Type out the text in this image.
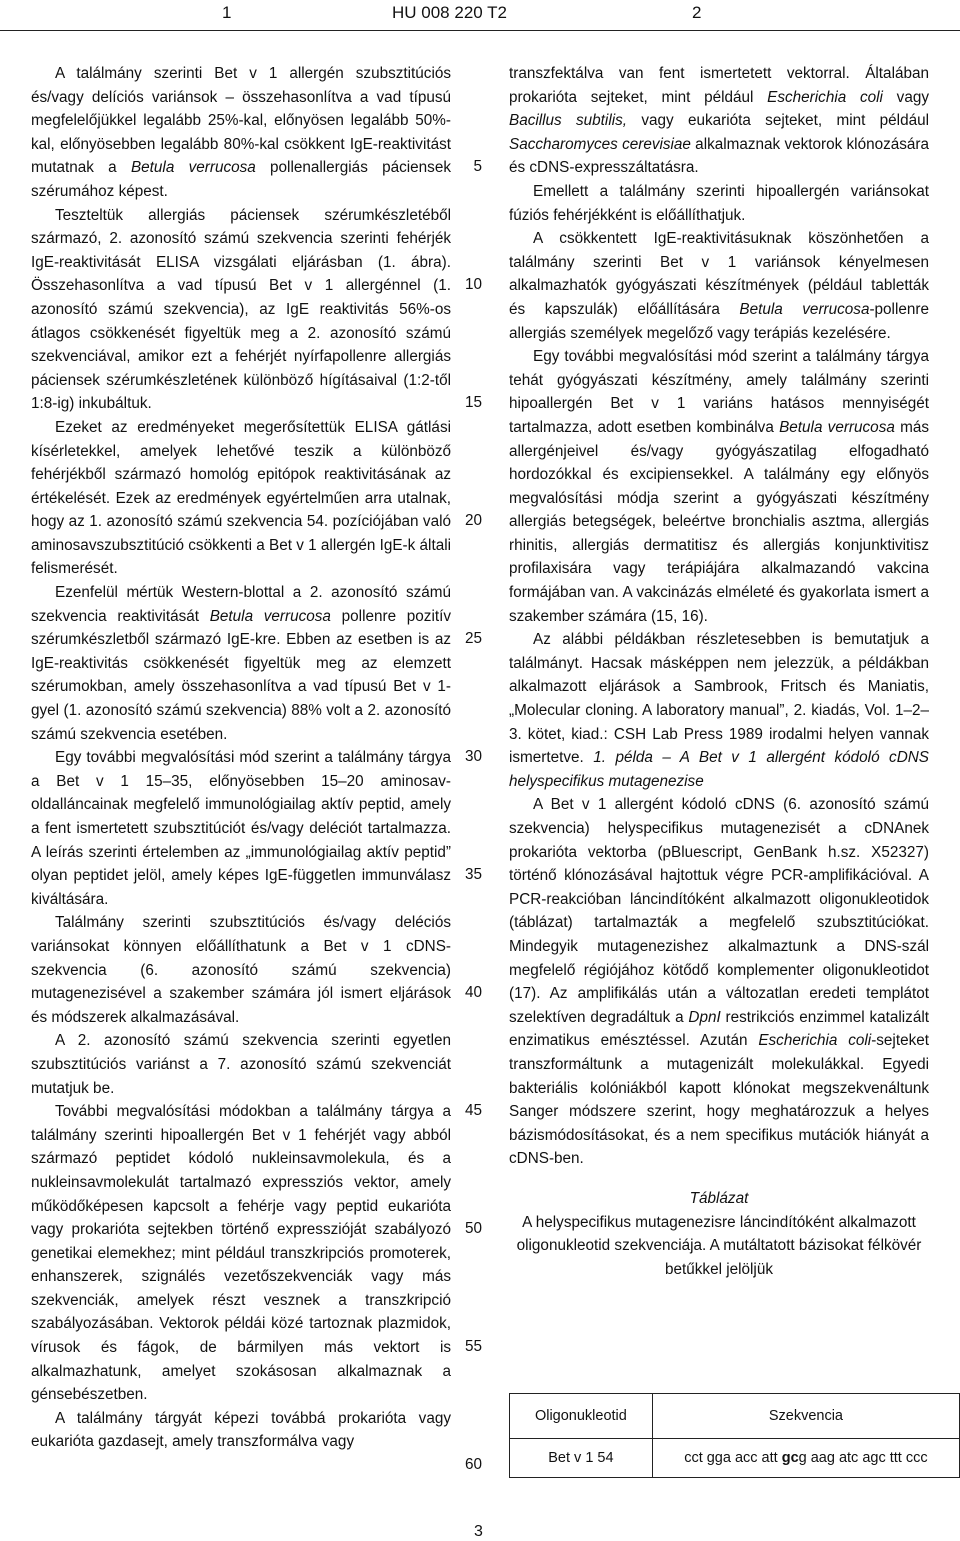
1	HU 008 220 T2	2

A találmány szerinti Bet v 1 allergén szubsztitúciós és/vagy delíciós variánsok – összehasonlítva a vad típusú megfelelőjükkel legalább 25%-kal, előnyösen legalább 50%-kal, előnyösebben legalább 80%-kal csökkent IgE-reaktivitást mutatnak a Betula verrucosa pollenallergiás páciensek szérumához képest.

Teszteltük allergiás páciensek szérumkészletéből származó, 2. azonosító számú szekvencia szerinti fehérjék IgE-reaktivitását ELISA vizsgálati eljárásban (1. ábra). Összehasonlítva a vad típusú Bet v 1 allergénnel (1. azonosító számú szekvencia), az IgE reaktivitás 56%-os átlagos csökkenését figyeltük meg a 2. azonosító számú szekvenciával, amikor ezt a fehérjét nyírfapollenre allergiás páciensek szérumkészletének különböző hígításaival (1:2-től 1:8-ig) inkubáltuk.

Ezeket az eredményeket megerősítettük ELISA gátlási kísérletekkel, amelyek lehetővé teszik a különböző fehérjékből származó homológ epitópok reaktivitásának az értékelését. Ezek az eredmények egyértelműen arra utalnak, hogy az 1. azonosító számú szekvencia 54. pozíciójában való aminosavszubsztitúció csökkenti a Bet v 1 allergén IgE-k általi felismerését.

Ezenfelül mértük Western-blottal a 2. azonosító számú szekvencia reaktivitását Betula verrucosa pollenre pozitív szérumkészletből származó IgE-kre. Ebben az esetben is az IgE-reaktivitás csökkenését figyeltük meg az elemzett szérumokban, amely összehasonlítva a vad típusú Bet v 1-gyel (1. azonosító számú szekvencia) 88% volt a 2. azonosító számú szekvencia esetében.

Egy további megvalósítási mód szerint a találmány tárgya a Bet v 1 15–35, előnyösebben 15–20 aminosav-oldalláncainak megfelelő immunológiailag aktív peptid, amely a fent ismertetett szubsztitúciót és/vagy deléciót tartalmazza. A leírás szerinti értelemben az „immunológiailag aktív peptid” olyan peptidet jelöl, amely képes IgE-független immunválasz kiváltására.

Találmány szerinti szubsztitúciós és/vagy deléciós variánsokat könnyen előállíthatunk a Bet v 1 cDNS-szekvencia (6. azonosító számú szekvencia) mutagenezisével a szakember számára jól ismert eljárások és módszerek alkalmazásával.

A 2. azonosító számú szekvencia szerinti egyetlen szubsztitúciós variánst a 7. azonosító számú szekvenciát mutatjuk be.

További megvalósítási módokban a találmány tárgya a találmány szerinti hipoallergén Bet v 1 fehérjét vagy abból származó peptidet kódoló nukleinsavmolekula, és a nukleinsavmolekulát tartalmazó expressziós vektor, amely működőképesen kapcsolt a fehérje vagy peptid eukarióta vagy prokarióta sejtekben történő expresszióját szabályozó genetikai elemekhez; mint például transzkripciós promoterek, enhanszerek, szignálés vezetőszekvenciák vagy más szekvenciák, amelyek részt vesznek a transzkripció szabályozásában. Vektorok példái közé tartoznak plazmidok, vírusok és fágok, de bármilyen más vektort is alkalmazhatunk, amelyet szokásosan alkalmaznak a génsebészetben.

A találmány tárgyát képezi továbbá prokarióta vagy eukarióta gazdasejt, amely transzformálva vagy

5
10
15
20
25
30
35
40
45
50
55
60

transzfektálva van fent ismertetett vektorral. Általában prokarióta sejteket, mint például Escherichia coli vagy Bacillus subtilis, vagy eukarióta sejteket, mint például Saccharomyces cerevisiae alkalmaznak vektorok klónozására és cDNS-expresszáltatásra.

Emellett a találmány szerinti hipoallergén variánsokat fúziós fehérjékként is előállíthatjuk.

A csökkentett IgE-reaktivitásuknak köszönhetően a találmány szerinti Bet v 1 variánsok kényelmesen alkalmazhatók gyógyászati készítmények (például tabletták és kapszulák) előállítására Betula verrucosa-pollenre allergiás személyek megelőző vagy terápiás kezelésére.

Egy további megvalósítási mód szerint a találmány tárgya tehát gyógyászati készítmény, amely találmány szerinti hipoallergén Bet v 1 variáns hatásos mennyiségét tartalmazza, adott esetben kombinálva Betula verrucosa más allergénjeivel és/vagy gyógyászatilag elfogadható hordozókkal és excipiensekkel. A találmány egy előnyös megvalósítási módja szerint a gyógyászati készítmény allergiás betegségek, beleértve bronchialis asztma, allergiás rhinitis, allergiás dermatitisz és allergiás konjunktivitisz profilaxisára vagy terápiájára alkalmazandó vakcina formájában van. A vakcinázás elméleté és gyakorlata ismert a szakember számára (15, 16).

Az alábbi példákban részletesebben is bemutatjuk a találmányt. Hacsak másképpen nem jelezzük, a példákban alkalmazott eljárások a Sambrook, Fritsch és Maniatis, „Molecular cloning. A laboratory manual”, 2. kiadás, Vol. 1–2–3. kötet, kiad.: CSH Lab Press 1989 irodalmi helyen vannak ismertetve. 1. példa – A Bet v 1 allergént kódoló cDNS helyspecifikus mutagenezise

A Bet v 1 allergént kódoló cDNS (6. azonosító számú szekvencia) helyspecifikus mutagenezisét a cDNAnek prokarióta vektorba (pBluescript, GenBank h.sz. X52327) történő klónozásával hajtottuk végre PCR-amplifikációval. A PCR-reakcióban láncindítóként alkalmazott oligonukleotidok (táblázat) tartalmazták a megfelelő szubsztitúciókat. Mindegyik mutagenezishez alkalmaztunk a DNS-szál megfelelő régiójához kötődő komplementer oligonukleotidot (17). Az amplifikálás után a változatlan eredeti templátot szelektíven degradáltuk a DpnI restrikciós enzimmel katalizált enzimatikus emésztéssel. Azután Escherichia coli-sejteket transzformáltunk a mutagenizált molekulákkal. Egyedi bakteriális kolóniákból kapott klónokat megszekvenáltunk Sanger módszere szerint, hogy meghatározzuk a helyes bázismódosításokat, és a nem specifikus mutációk hiányát a cDNS-ben.

Táblázat

A helyspecifikus mutagenezisre láncindítóként alkalmazott oligonukleotid szekvenciája. A mutáltatott bázisokat félkövér betűkkel jelöljük

Oligonukleotid	Szekvencia
Bet v 1 54	cct gga acc att gcg aag atc agc ttt ccc
3
